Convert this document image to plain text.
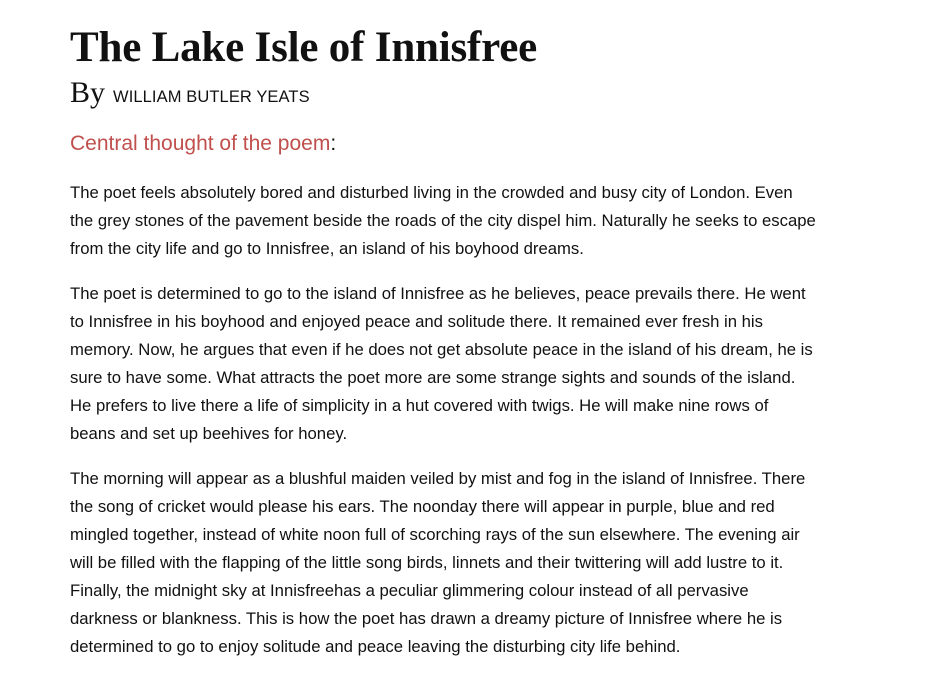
The Lake Isle of Innisfree
By WILLIAM BUTLER YEATS
Central thought of the poem:

The poet feels absolutely bored and disturbed living in the crowded and busy city of London. Even
the grey stones of the pavement beside the roads of the city dispel him. Naturally he seeks to escape
from the city life and go to Innisfree, an island of his boyhood dreams.

The poet is determined to go to the island of Innisfree as he believes, peace prevails there. He went
to Innisfree in his boyhood and enjoyed peace and solitude there. It remained ever fresh in his
memory. Now, he argues that even if he does not get absolute peace in the island of his dream, he is
sure to have some. What attracts the poet more are some strange sights and sounds of the island.
He prefers to live there a life of simplicity in a hut covered with twigs. He will make nine rows of
beans and set up beehives for honey.

The morning will appear as a blushful maiden veiled by mist and fog in the island of Innisfree. There
the song of cricket would please his ears. The noonday there will appear in purple, blue and red
mingled together, instead of white noon full of scorching rays of the sun elsewhere. The evening air
will be filled with the flapping of the little song birds, linnets and their twittering will add lustre to it.
Finally, the midnight sky at Innisfreehas a peculiar glimmering colour instead of all pervasive
darkness or blankness. This is how the poet has drawn a dreamy picture of Innisfree where he is
determined to go to enjoy solitude and peace leaving the disturbing city life behind.
